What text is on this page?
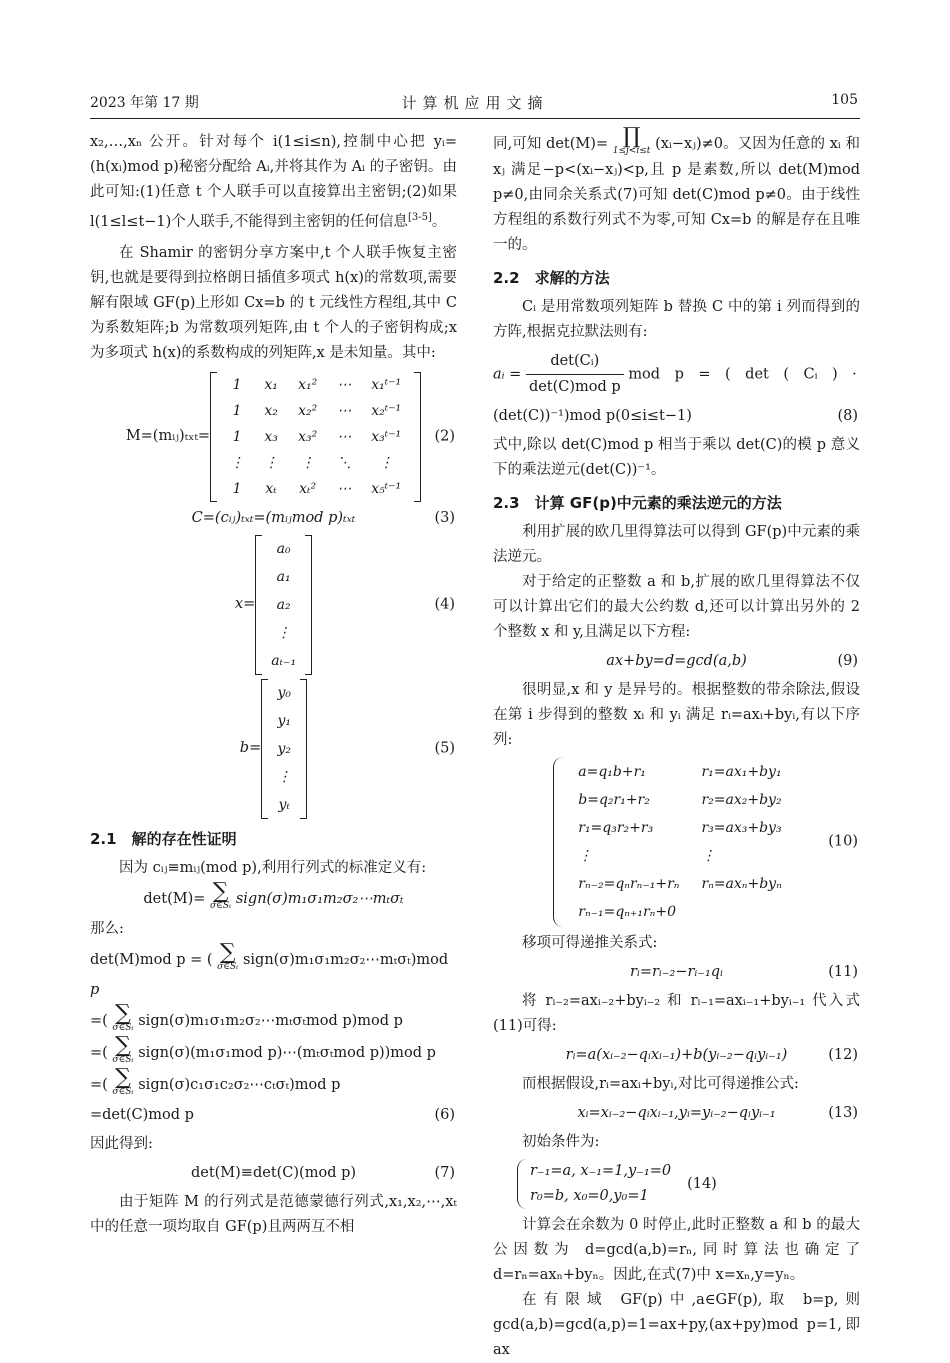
2023 年第 17 期	计算机应用文摘	105

x₂,…,xₙ 公开。针对每个 i(1≤i≤n),控制中心把 yᵢ=(h(xᵢ)mod p)秘密分配给 Aᵢ,并将其作为 Aᵢ 的子密钥。由此可知:(1)任意 t 个人联手可以直接算出主密钥;(2)如果 l(1≤l≤t−1)个人联手,不能得到主密钥的任何信息[3-5]。

在 Shamir 的密钥分享方案中,t 个人联手恢复主密钥,也就是要得到拉格朗日插值多项式 h(x)的常数项,需要解有限域 GF(p)上形如 Cx=b 的 t 元线性方程组,其中 C 为系数矩阵;b 为常数项列矩阵,由 t 个人的子密钥构成;x 为多项式 h(x)的系数构成的列矩阵,x 是未知量。其中:

M=(mᵢⱼ)ₜₓₜ=
1	x₁	x₁²	⋯	x₁ᵗ⁻¹
1	x₂	x₂²	⋯	x₂ᵗ⁻¹
1	x₃	x₃²	⋯	x₃ᵗ⁻¹
⋮	⋮	⋮	⋱	⋮
1	xₜ	xₜ²	⋯	x₅ᵗ⁻¹
(2)
C=(cᵢⱼ)ₜₓₜ=(mᵢⱼmod p)ₜₓₜ	(3)
x=
a₀
a₁
a₂
⋮
aₜ₋₁
(4)
b=
y₀
y₁
y₂
⋮
yₜ
(5)
2.1　解的存在性证明

因为 cᵢⱼ≡mᵢⱼ(mod p),利用行列式的标准定义有:

det(M)= ∑
σ∈Sₜ sign(σ)m₁σ₁m₂σ₂⋯mₜσₜ

那么:

det(M)mod p = ( ∑
σ∈Sₜ sign(σ)m₁σ₁m₂σ₂⋯mₜσₜ)mod
p
=( ∑
σ∈Sₜ sign(σ)m₁σ₁m₂σ₂⋯mₜσₜmod p)mod p
=( ∑
σ∈Sₜ sign(σ)(m₁σ₁mod p)⋯(mₜσₜmod p))mod p
=( ∑
σ∈Sₜ sign(σ)c₁σ₁c₂σ₂⋯cₜσₜ)mod p
=det(C)mod p	(6)

因此得到:

det(M)≡det(C)(mod p)	(7)

由于矩阵 M 的行列式是范德蒙德行列式,x₁,x₂,⋯,xₜ 中的任意一项均取自 GF(p)且两两互不相

同,可知 det(M)= ∏
1≤j<i≤t (xᵢ−xⱼ)≠0。又因为任意的 xᵢ 和 xⱼ 满足−p<(xᵢ−xⱼ)<p,且 p 是素数,所以 det(M)mod p≠0,由同余关系式(7)可知 det(C)mod p≠0。由于线性方程组的系数行列式不为零,可知 Cx=b 的解是存在且唯一的。

2.2　求解的方法

Cᵢ 是用常数项列矩阵 b 替换 C 中的第 i 列而得到的方阵,根据克拉默法则有:

aᵢ = $\frac{\text{det(Cᵢ)}}{\text{det(C)mod p}}$ mod　p　=　(　det　(　Cᵢ　)　·
(det(C))⁻¹)mod p(0≤i≤t−1)	(8)

式中,除以 det(C)mod p 相当于乘以 det(C)的模 p 意义下的乘法逆元(det(C))⁻¹。

2.3　计算 GF(p)中元素的乘法逆元的方法

利用扩展的欧几里得算法可以得到 GF(p)中元素的乘法逆元。

对于给定的正整数 a 和 b,扩展的欧几里得算法不仅可以计算出它们的最大公约数 d,还可以计算出另外的 2 个整数 x 和 y,且满足以下方程:

ax+by=d=gcd(a,b)	(9)

很明显,x 和 y 是异号的。根据整数的带余除法,假设在第 i 步得到的整数 xᵢ 和 yᵢ 满足 rᵢ=axᵢ+byᵢ,有以下序列:

a=q₁b+r₁	r₁=ax₁+by₁
b=q₂r₁+r₂	r₂=ax₂+by₂
r₁=q₃r₂+r₃	r₃=ax₃+by₃
⋮	⋮
rₙ₋₂=qₙrₙ₋₁+rₙ	rₙ=axₙ+byₙ
rₙ₋₁=qₙ₊₁rₙ+0	
(10)

移项可得递推关系式:

rᵢ=rᵢ₋₂−rᵢ₋₁qᵢ	(11)

将 rᵢ₋₂=axᵢ₋₂+byᵢ₋₂ 和 rᵢ₋₁=axᵢ₋₁+byᵢ₋₁ 代入式(11)可得:

rᵢ=a(xᵢ₋₂−qᵢxᵢ₋₁)+b(yᵢ₋₂−qᵢyᵢ₋₁)	(12)

而根据假设,rᵢ=axᵢ+byᵢ,对比可得递推公式:

xᵢ=xᵢ₋₂−qᵢxᵢ₋₁,yᵢ=yᵢ₋₂−qᵢyᵢ₋₁	(13)

初始条件为:

r₋₁=a, x₋₁=1,y₋₁=0
r₀=b, x₀=0,y₀=1
(14)

计算会在余数为 0 时停止,此时正整数 a 和 b 的最大公因数为 d=gcd(a,b)=rₙ,同时算法也确定了 d=rₙ=axₙ+byₙ。因此,在式(7)中 x=xₙ,y=yₙ。

在有限域 GF(p)中,a∈GF(p),取 b=p,则 gcd(a,b)=gcd(a,p)=1=ax+py,(ax+py)mod p=1,即 ax
